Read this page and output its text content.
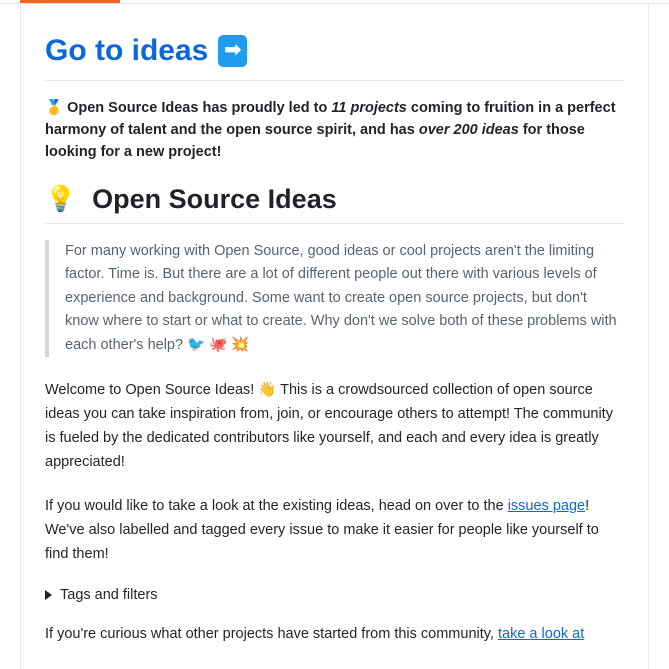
Go to ideas ➡

🥇 Open Source Ideas has proudly led to 11 projects coming to fruition in a perfect harmony of talent and the open source spirit, and has over 200 ideas for those looking for a new project!

💡 Open Source Ideas
For many working with Open Source, good ideas or cool projects aren't the limiting factor. Time is. But there are a lot of different people out there with various levels of experience and background. Some want to create open source projects, but don't know where to start or what to create. Why don't we solve both of these problems with each other's help? 🐦 🐙 💥

Welcome to Open Source Ideas! 👋 This is a crowdsourced collection of open source ideas you can take inspiration from, join, or encourage others to attempt! The community is fueled by the dedicated contributors like yourself, and each and every idea is greatly appreciated!

If you would like to take a look at the existing ideas, head on over to the issues page! We've also labelled and tagged every issue to make it easier for people like yourself to find them!

Tags and filters

If you're curious what other projects have started from this community, take a look at
